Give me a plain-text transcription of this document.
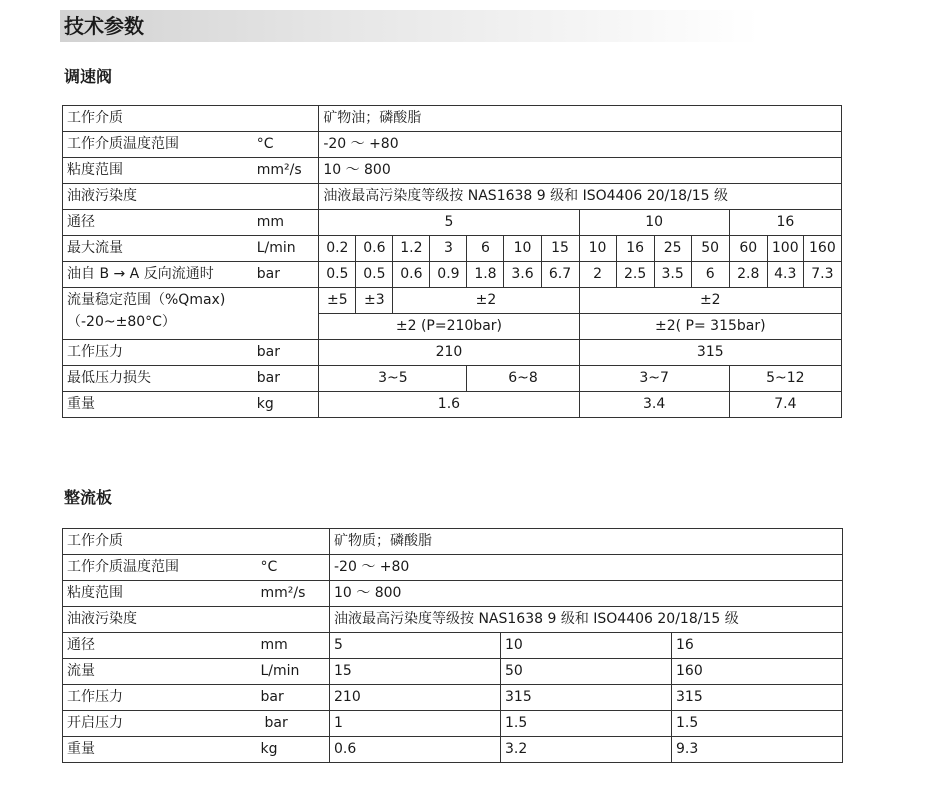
技术参数
调速阀
工作介质		矿物油；磷酸脂													
工作介质温度范围	°C	-20 ～ +80													
粘度范围	mm²/s	10 ～ 800													
油液污染度		油液最高污染度等级按 NAS1638 9 级和 ISO4406 20/18/15 级													
通径	mm	5							10				16		
最大流量	L/min	0.2	0.6	1.2	3	6	10	15	10	16	25	50	60	100	160
油自 B → A 反向流通时	bar	0.5	0.5	0.6	0.9	1.8	3.6	6.7	2	2.5	3.5	6	2.8	4.3	7.3

流量稳定范围（%Qmax)
（-20~±80°C）		±5	±3	±2					±2						
		±2 (P=210bar)							±2( P= 315bar)						
工作压力	bar	210							315						
最低压力损失	bar	3~5				6~8			3~7				5~12		
重量	kg	1.6							3.4				7.4		
整流板
工作介质		矿物质；磷酸脂		
工作介质温度范围	°C	-20 ～ +80		
粘度范围	mm²/s	10 ～ 800		
油液污染度		油液最高污染度等级按 NAS1638 9 级和 ISO4406 20/18/15 级		
通径	mm	5	10	16
流量	L/min	15	50	160
工作压力	bar	210	315	315
开启压力	bar	1	1.5	1.5
重量	kg	0.6	3.2	9.3
